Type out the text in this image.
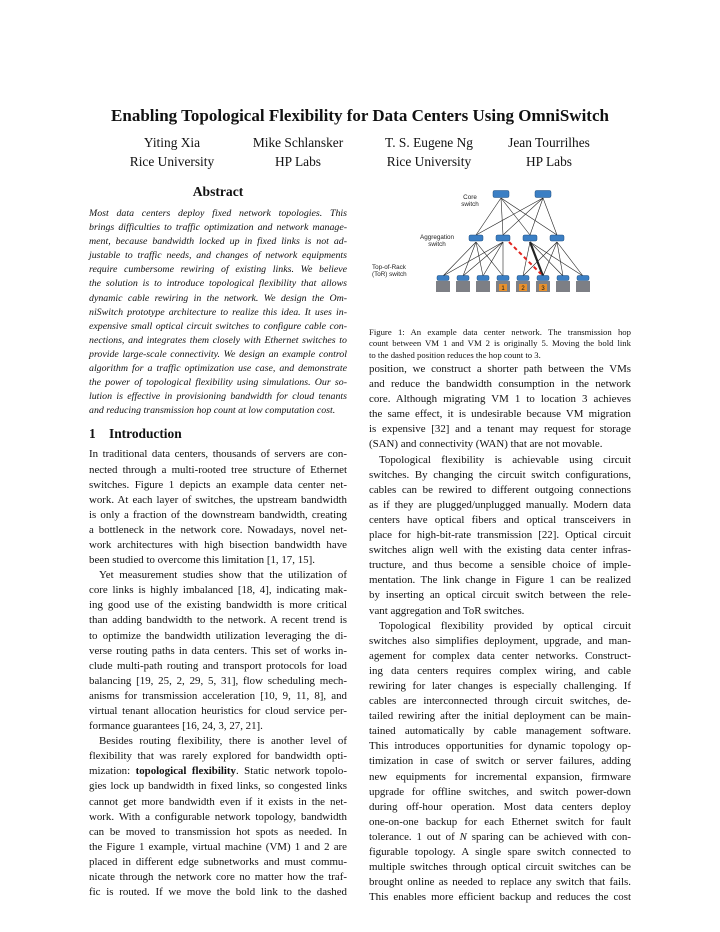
Enabling Topological Flexibility for Data Centers Using OmniSwitch
Yiting Xia
Rice University
Mike Schlansker
HP Labs
T. S. Eugene Ng
Rice University
Jean Tourrilhes
HP Labs
Abstract
Most data centers deploy fixed network topologies. This
brings difficulties to traffic optimization and network manage-
ment, because bandwidth locked up in fixed links is not ad-
justable to traffic needs, and changes of network equipments
require cumbersome rewiring of existing links. We believe
the solution is to introduce topological flexibility that allows
dynamic cable rewiring in the network. We design the Om-
niSwitch prototype architecture to realize this idea. It uses in-
expensive small optical circuit switches to configure cable con-
nections, and integrates them closely with Ethernet switches to
provide large-scale connectivity. We design an example control
algorithm for a traffic optimization use case, and demonstrate
the power of topological flexibility using simulations. Our so-
lution is effective in provisioning bandwidth for cloud tenants
and reducing transmission hop count at low computation cost.
1 Introduction
In traditional data centers, thousands of servers are con-
nected through a multi-rooted tree structure of Ethernet
switches. Figure 1 depicts an example data center net-
work. At each layer of switches, the upstream bandwidth
is only a fraction of the downstream bandwidth, creating
a bottleneck in the network core. Nowadays, novel net-
work architectures with high bisection bandwidth have
been studied to overcome this limitation [1, 17, 15].
Yet measurement studies show that the utilization of
core links is highly imbalanced [18, 4], indicating mak-
ing good use of the existing bandwidth is more critical
than adding bandwidth to the network. A recent trend is
to optimize the bandwidth utilization leveraging the di-
verse routing paths in data centers. This set of works in-
clude multi-path routing and transport protocols for load
balancing [19, 25, 2, 29, 5, 31], flow scheduling mech-
anisms for transmission acceleration [10, 9, 11, 8], and
virtual tenant allocation heuristics for cloud service per-
formance guarantees [16, 24, 3, 27, 21].
Besides routing flexibility, there is another level of
flexibility that was rarely explored for bandwidth opti-
mization: topological flexibility. Static network topolo-
gies lock up bandwidth in fixed links, so congested links
cannot get more bandwidth even if it exists in the net-
work. With a configurable network topology, bandwidth
can be moved to transmission hot spots as needed. In
the Figure 1 example, virtual machine (VM) 1 and 2 are
placed in different edge subnetworks and must commu-
nicate through the network core no matter how the traf-
fic is routed. If we move the bold link to the dashed
1	2	3
Core
switch
Aggregation
switch
Top-of-Rack
(ToR) switch
Figure 1: An example data center network. The transmission hop
count between VM 1 and VM 2 is originally 5. Moving the bold link
to the dashed position reduces the hop count to 3.
position, we construct a shorter path between the VMs
and reduce the bandwidth consumption in the network
core. Although migrating VM 1 to location 3 achieves
the same effect, it is undesirable because VM migration
is expensive [32] and a tenant may request for storage
(SAN) and connectivity (WAN) that are not movable.
Topological flexibility is achievable using circuit
switches. By changing the circuit switch configurations,
cables can be rewired to different outgoing connections
as if they are plugged/unplugged manually. Modern data
centers have optical fibers and optical transceivers in
place for high-bit-rate transmission [22]. Optical circuit
switches align well with the existing data center infras-
tructure, and thus become a sensible choice of imple-
mentation. The link change in Figure 1 can be realized
by inserting an optical circuit switch between the rele-
vant aggregation and ToR switches.
Topological flexibility provided by optical circuit
switches also simplifies deployment, upgrade, and man-
agement for complex data center networks. Construct-
ing data centers requires complex wiring, and cable
rewiring for later changes is especially challenging. If
cables are interconnected through circuit switches, de-
tailed rewiring after the initial deployment can be main-
tained automatically by cable management software.
This introduces opportunities for dynamic topology op-
timization in case of switch or server failures, adding
new equipments for incremental expansion, firmware
upgrade for offline switches, and switch power-down
during off-hour operation. Most data centers deploy
one-on-one backup for each Ethernet switch for fault
tolerance. 1 out of N sparing can be achieved with con-
figurable topology. A single spare switch connected to
multiple switches through optical circuit switches can be
brought online as needed to replace any switch that fails.
This enables more efficient backup and reduces the cost
